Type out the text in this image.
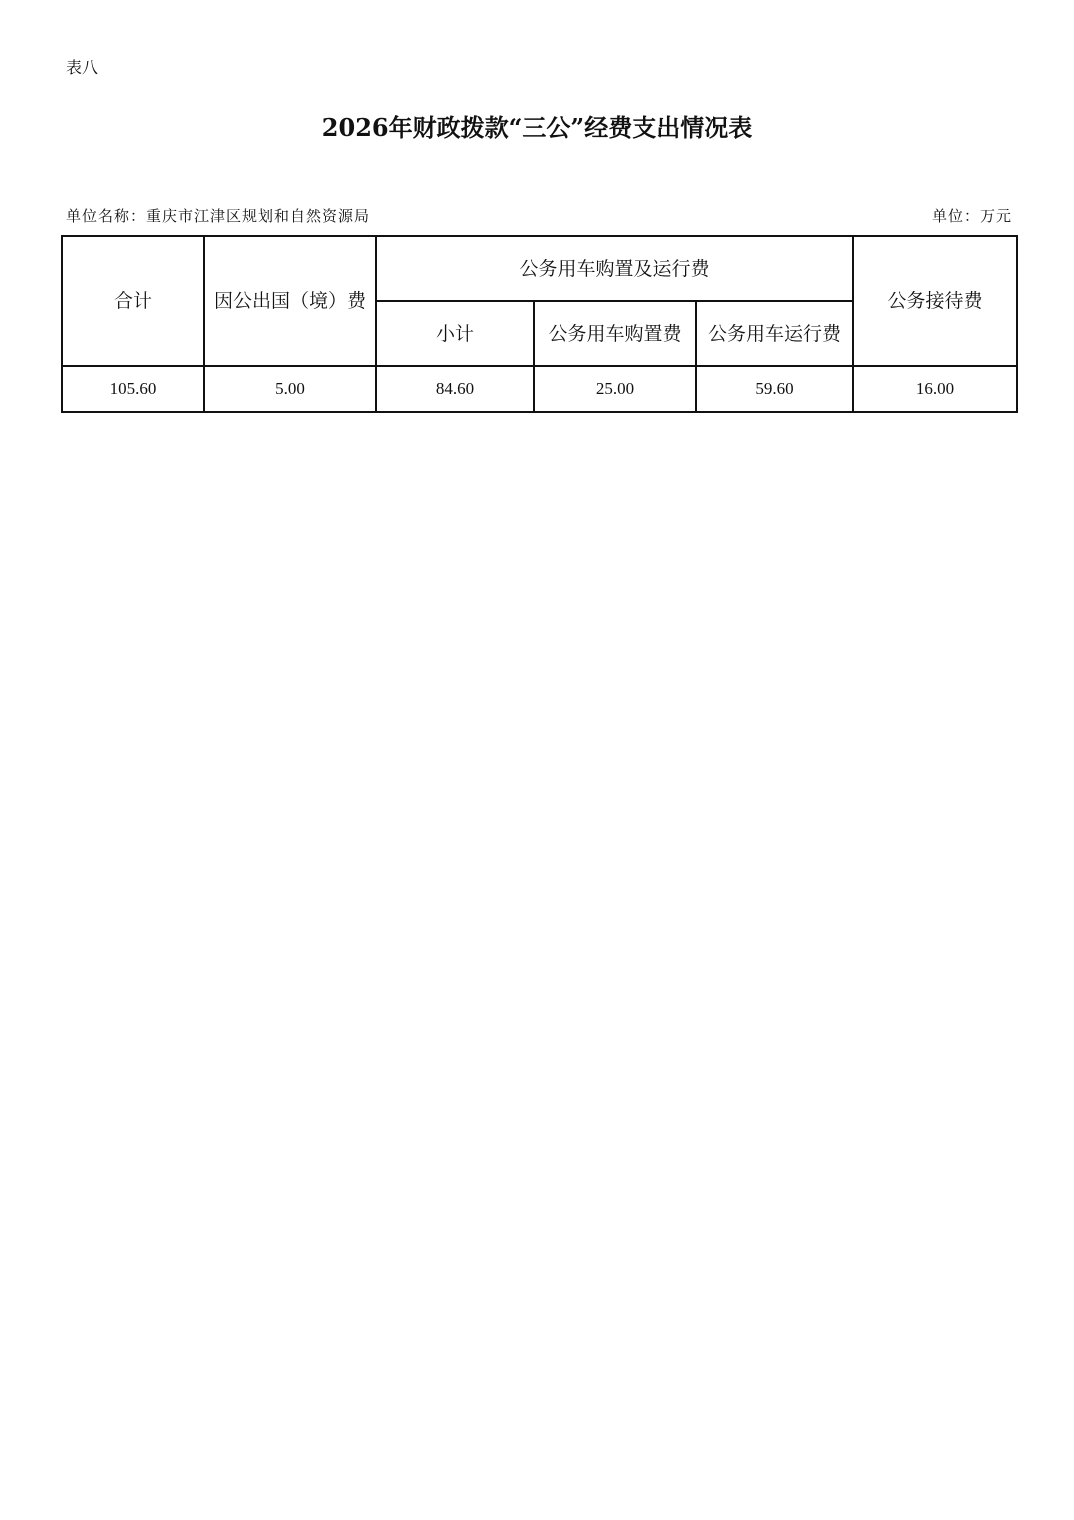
表八
2026年财政拨款“三公”经费支出情况表
单位名称：重庆市江津区规划和自然资源局	单位：万元
合计	因公出国（境）费	公务用车购置及运行费			公务接待费
		小计	公务用车购置费	公务用车运行费	
105.60	5.00	84.60	25.00	59.60	16.00
